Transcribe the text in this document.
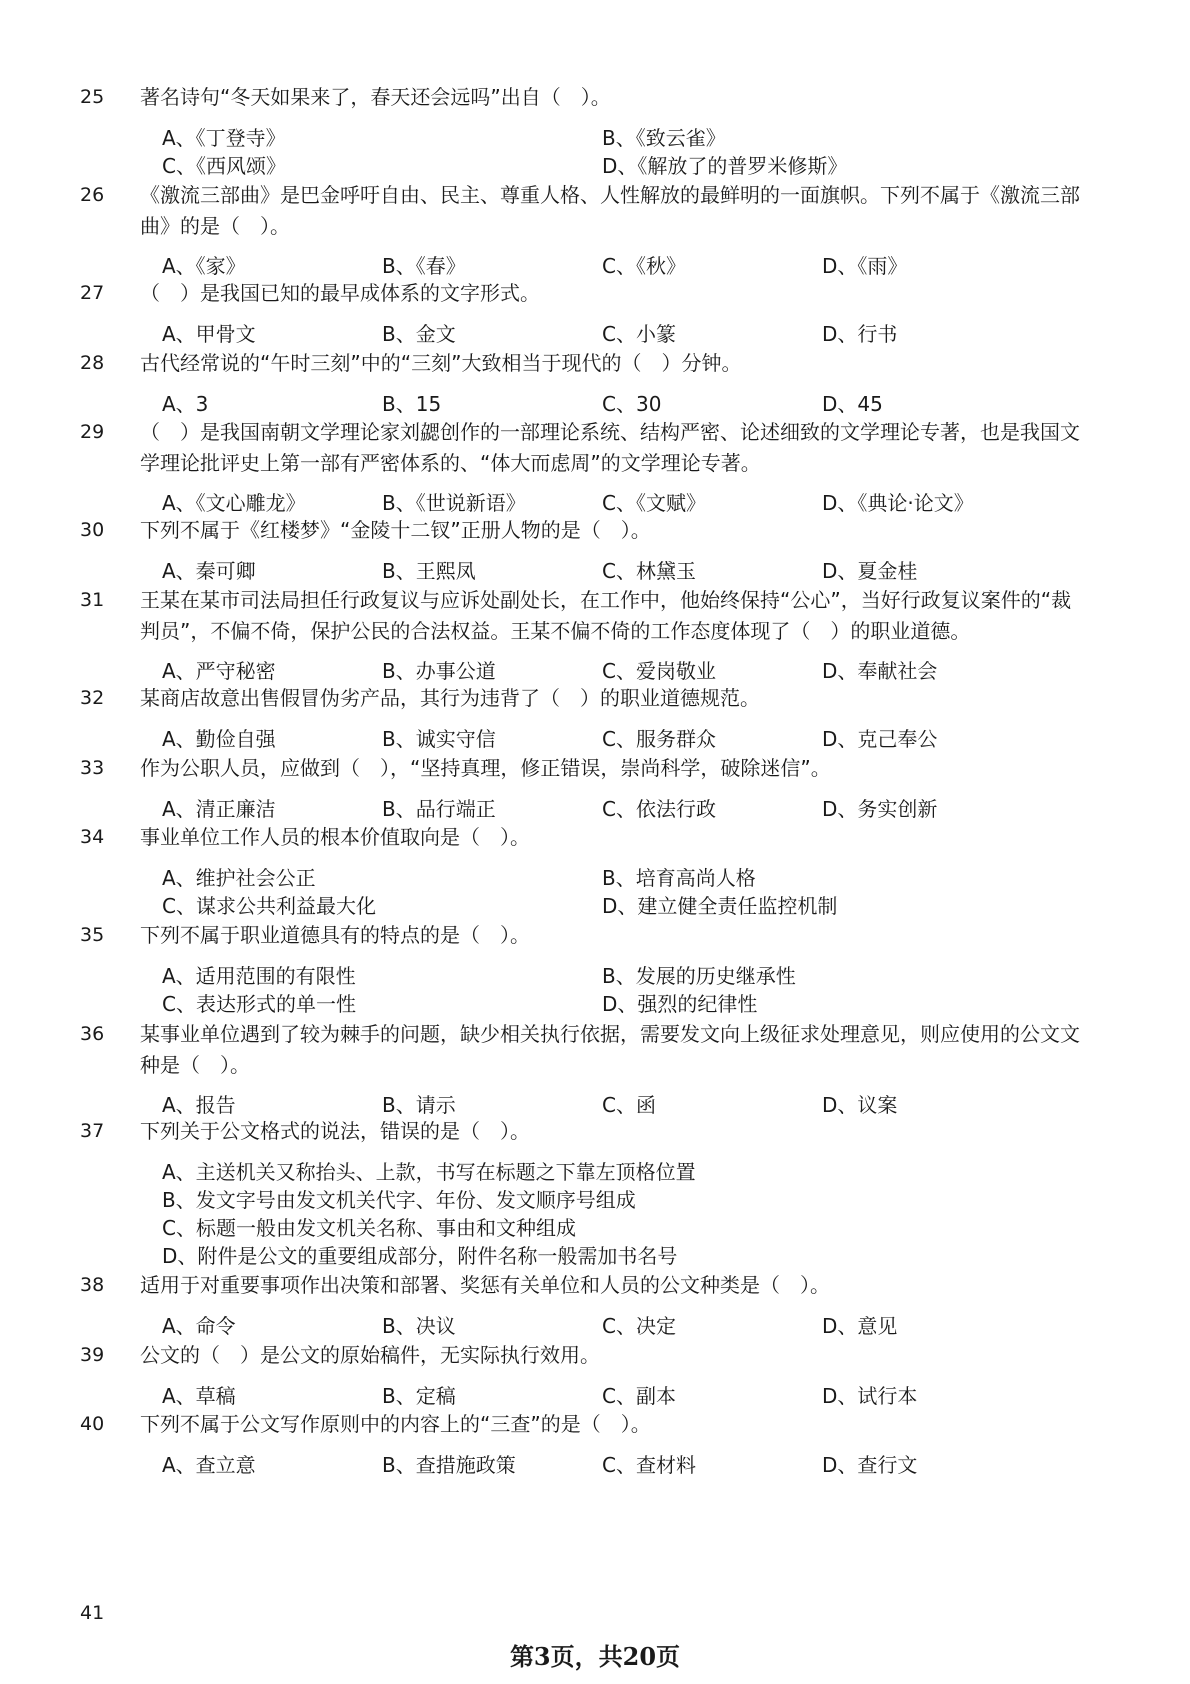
25 著名诗句“冬天如果来了，春天还会远吗”出自（　）。
A、《丁登寺》	B、《致云雀》
C、《西风颂》	D、《解放了的普罗米修斯》
26 《激流三部曲》是巴金呼吁自由、民主、尊重人格、人性解放的最鲜明的一面旗帜。下列不属于《激流三部曲》的是（　）。
A、《家》	B、《春》	C、《秋》	D、《雨》
27 （　）是我国已知的最早成体系的文字形式。
A、甲骨文	B、金文	C、小篆	D、行书
28 古代经常说的“午时三刻”中的“三刻”大致相当于现代的（　）分钟。
A、3	B、15	C、30	D、45
29 （　）是我国南朝文学理论家刘勰创作的一部理论系统、结构严密、论述细致的文学理论专著，也是我国文学理论批评史上第一部有严密体系的、“体大而虑周”的文学理论专著。
A、《文心雕龙》	B、《世说新语》	C、《文赋》	D、《典论·论文》
30 下列不属于《红楼梦》“金陵十二钗”正册人物的是（　）。
A、秦可卿	B、王熙凤	C、林黛玉	D、夏金桂
31 王某在某市司法局担任行政复议与应诉处副处长，在工作中，他始终保持“公心”，当好行政复议案件的“裁判员”，不偏不倚，保护公民的合法权益。王某不偏不倚的工作态度体现了（　）的职业道德。
A、严守秘密	B、办事公道	C、爱岗敬业	D、奉献社会
32 某商店故意出售假冒伪劣产品，其行为违背了（　）的职业道德规范。
A、勤俭自强	B、诚实守信	C、服务群众	D、克己奉公
33 作为公职人员，应做到（　），“坚持真理，修正错误，崇尚科学，破除迷信”。
A、清正廉洁	B、品行端正	C、依法行政	D、务实创新
34 事业单位工作人员的根本价值取向是（　）。
A、维护社会公正	B、培育高尚人格
C、谋求公共利益最大化	D、建立健全责任监控机制
35 下列不属于职业道德具有的特点的是（　）。
A、适用范围的有限性	B、发展的历史继承性
C、表达形式的单一性	D、强烈的纪律性
36 某事业单位遇到了较为棘手的问题，缺少相关执行依据，需要发文向上级征求处理意见，则应使用的公文文种是（　）。
A、报告	B、请示	C、函	D、议案
37 下列关于公文格式的说法，错误的是（　）。
A、主送机关又称抬头、上款，书写在标题之下靠左顶格位置
B、发文字号由发文机关代字、年份、发文顺序号组成
C、标题一般由发文机关名称、事由和文种组成
D、附件是公文的重要组成部分，附件名称一般需加书名号
38 适用于对重要事项作出决策和部署、奖惩有关单位和人员的公文种类是（　）。
A、命令	B、决议	C、决定	D、意见
39 公文的（　）是公文的原始稿件，无实际执行效用。
A、草稿	B、定稿	C、副本	D、试行本
40 下列不属于公文写作原则中的内容上的“三查”的是（　）。
A、查立意	B、查措施政策	C、查材料	D、查行文
41
第3页，共20页
